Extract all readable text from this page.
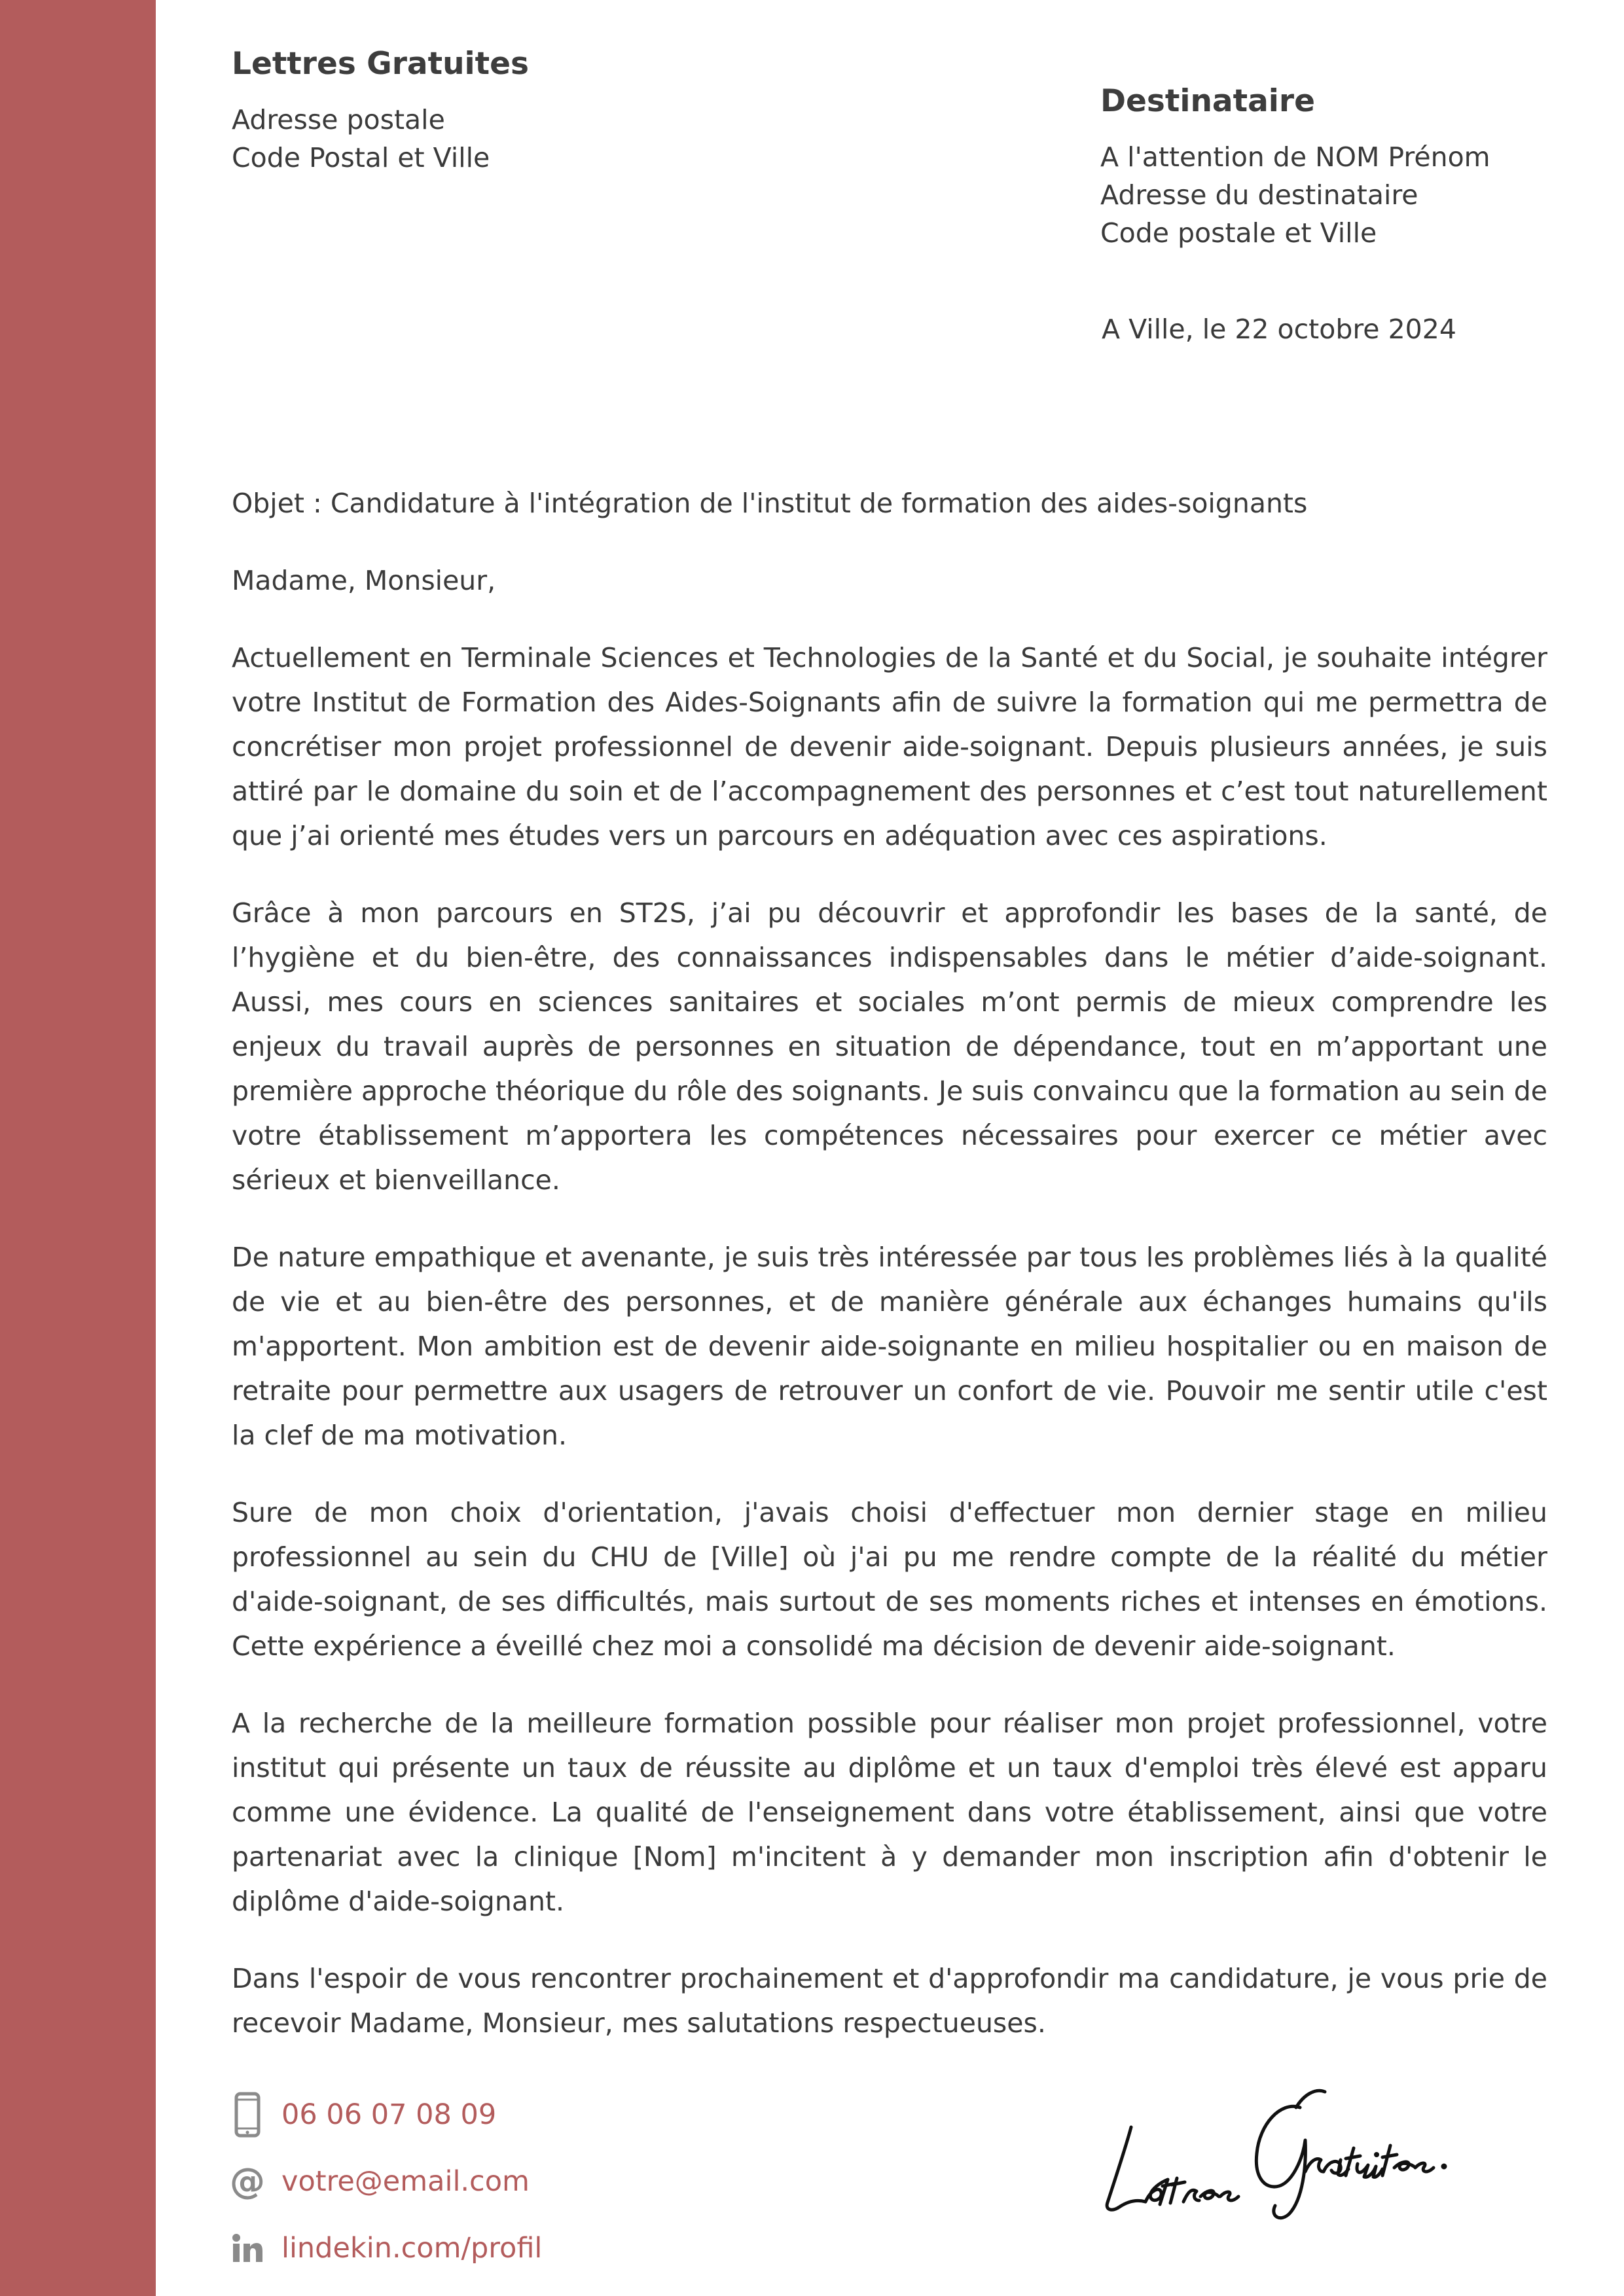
Lettres Gratuites
Adresse postale
Code Postal et Ville
Destinataire
A l'attention de NOM Prénom
Adresse du destinataire
Code postale et Ville
A Ville, le 22 octobre 2024

Objet : Candidature à l'intégration de l'institut de formation des aides-soignants

Madame, Monsieur,

Actuellement en Terminale Sciences et Technologies de la Santé et du Social, je souhaite intégrer votre Institut de Formation des Aides-Soignants afin de suivre la formation qui me permettra de concrétiser mon projet professionnel de devenir aide-soignant. Depuis plusieurs années, je suis attiré par le domaine du soin et de l’accompagnement des personnes et c’est tout naturellement que j’ai orienté mes études vers un parcours en adéquation avec ces aspirations.

Grâce à mon parcours en ST2S, j’ai pu découvrir et approfondir les bases de la santé, de l’hygiène et du bien-être, des connaissances indispensables dans le métier d’aide-soignant. Aussi, mes cours en sciences sanitaires et sociales m’ont permis de mieux comprendre les enjeux du travail auprès de personnes en situation de dépendance, tout en m’apportant une première approche théorique du rôle des soignants. Je suis convaincu que la formation au sein de votre établissement m’apportera les compétences nécessaires pour exercer ce métier avec sérieux et bienveillance.

De nature empathique et avenante, je suis très intéressée par tous les problèmes liés à la qualité de vie et au bien-être des personnes, et de manière générale aux échanges humains qu'ils m'apportent. Mon ambition est de devenir aide-soignante en milieu hospitalier ou en maison de retraite pour permettre aux usagers de retrouver un confort de vie. Pouvoir me sentir utile c'est la clef de ma motivation.

Sure de mon choix d'orientation, j'avais choisi d'effectuer mon dernier stage en milieu professionnel au sein du CHU de [Ville] où j'ai pu me rendre compte de la réalité du métier d'aide-soignant, de ses difficultés, mais surtout de ses moments riches et intenses en émotions. Cette expérience a éveillé chez moi a consolidé ma décision de devenir aide-soignant.

A la recherche de la meilleure formation possible pour réaliser mon projet professionnel, votre institut qui présente un taux de réussite au diplôme et un taux d'emploi très élevé est apparu comme une évidence. La qualité de l'enseignement dans votre établissement, ainsi que votre partenariat avec la clinique [Nom] m'incitent à y demander mon inscription afin d'obtenir le diplôme d'aide-soignant.

Dans l'espoir de vous rencontrer prochainement et d'approfondir ma candidature, je vous prie de recevoir Madame, Monsieur, mes salutations respectueuses.

06 06 07 08 09
@ votre@email.com
lindekin.com/profil
